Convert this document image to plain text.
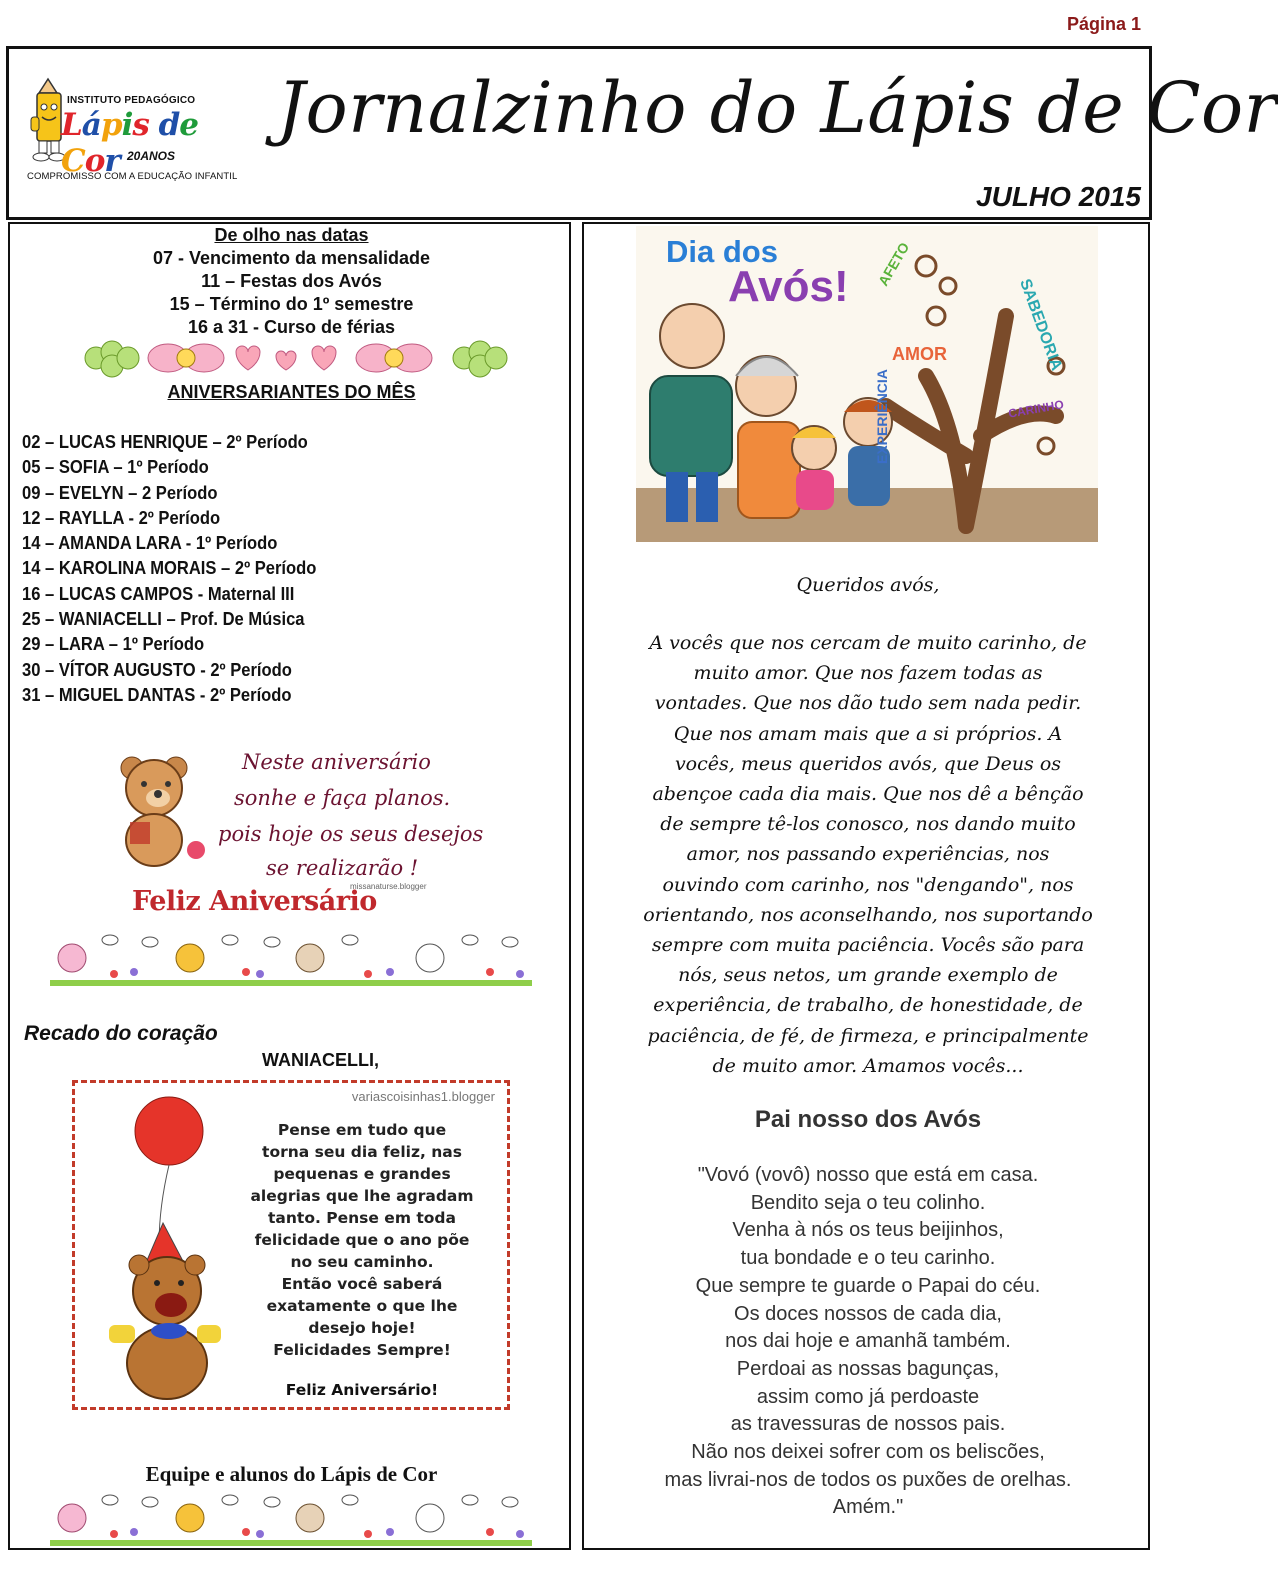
Página 1
INSTITUTO PEDAGÓGICO
Lápis de Cor 20ANOS
COMPROMISSO COM A EDUCAÇÃO INFANTIL
Jornalzinho do Lápis de Cor
JULHO 2015
De olho nas datas
07 - Vencimento da mensalidade
11 – Festas dos Avós
15 – Término do 1º semestre
16 a 31 - Curso de férias
ANIVERSARIANTES DO MÊS
02 – LUCAS HENRIQUE – 2º Período
05 – SOFIA – 1º Período
09 – EVELYN – 2 Período
12 – RAYLLA - 2º Período
14 – AMANDA LARA - 1º Período
14 – KAROLINA MORAIS – 2º Período
16 – LUCAS CAMPOS - Maternal III
25 – WANIACELLI – Prof. De Música
29 – LARA – 1º Período
30 – VÍTOR AUGUSTO - 2º Período
31 – MIGUEL DANTAS - 2º Período
Neste aniversário
sonhe e faça planos.
pois hoje os seus desejos
se realizarão !
missanaturse.blogger
Feliz Aniversário
Recado do coração
WANIACELLI,
variascoisinhas1.blogger
Pense em tudo que
torna seu dia feliz, nas
pequenas e grandes
alegrias que lhe agradam
tanto. Pense em toda
felicidade que o ano põe
no seu caminho.
Então você saberá
exatamente o que lhe
desejo hoje!
Felicidades Sempre!
Feliz Aniversário!
Equipe e alunos do Lápis de Cor
Dia dos
Avós! AFETO
SABEDORIA
AMOR
CARINHO
EXPERIÊNCIA
Queridos avós,
A vocês que nos cercam de muito carinho, de
muito amor. Que nos fazem todas as
vontades. Que nos dão tudo sem nada pedir.
Que nos amam mais que a si próprios. A
vocês, meus queridos avós, que Deus os
abençoe cada dia mais. Que nos dê a bênção
de sempre tê-los conosco, nos dando muito
amor, nos passando experiências, nos
ouvindo com carinho, nos "dengando", nos
orientando, nos aconselhando, nos suportando
sempre com muita paciência. Vocês são para
nós, seus netos, um grande exemplo de
experiência, de trabalho, de honestidade, de
paciência, de fé, de firmeza, e principalmente
de muito amor. Amamos vocês...
Pai nosso dos Avós
"Vovó (vovô) nosso que está em casa.
Bendito seja o teu colinho.
Venha à nós os teus beijinhos,
tua bondade e o teu carinho.
Que sempre te guarde o Papai do céu.
Os doces nossos de cada dia,
nos dai hoje e amanhã também.
Perdoai as nossas bagunças,
assim como já perdoaste
as travessuras de nossos pais.
Não nos deixei sofrer com os beliscões,
mas livrai-nos de todos os puxões de orelhas.
Amém."
